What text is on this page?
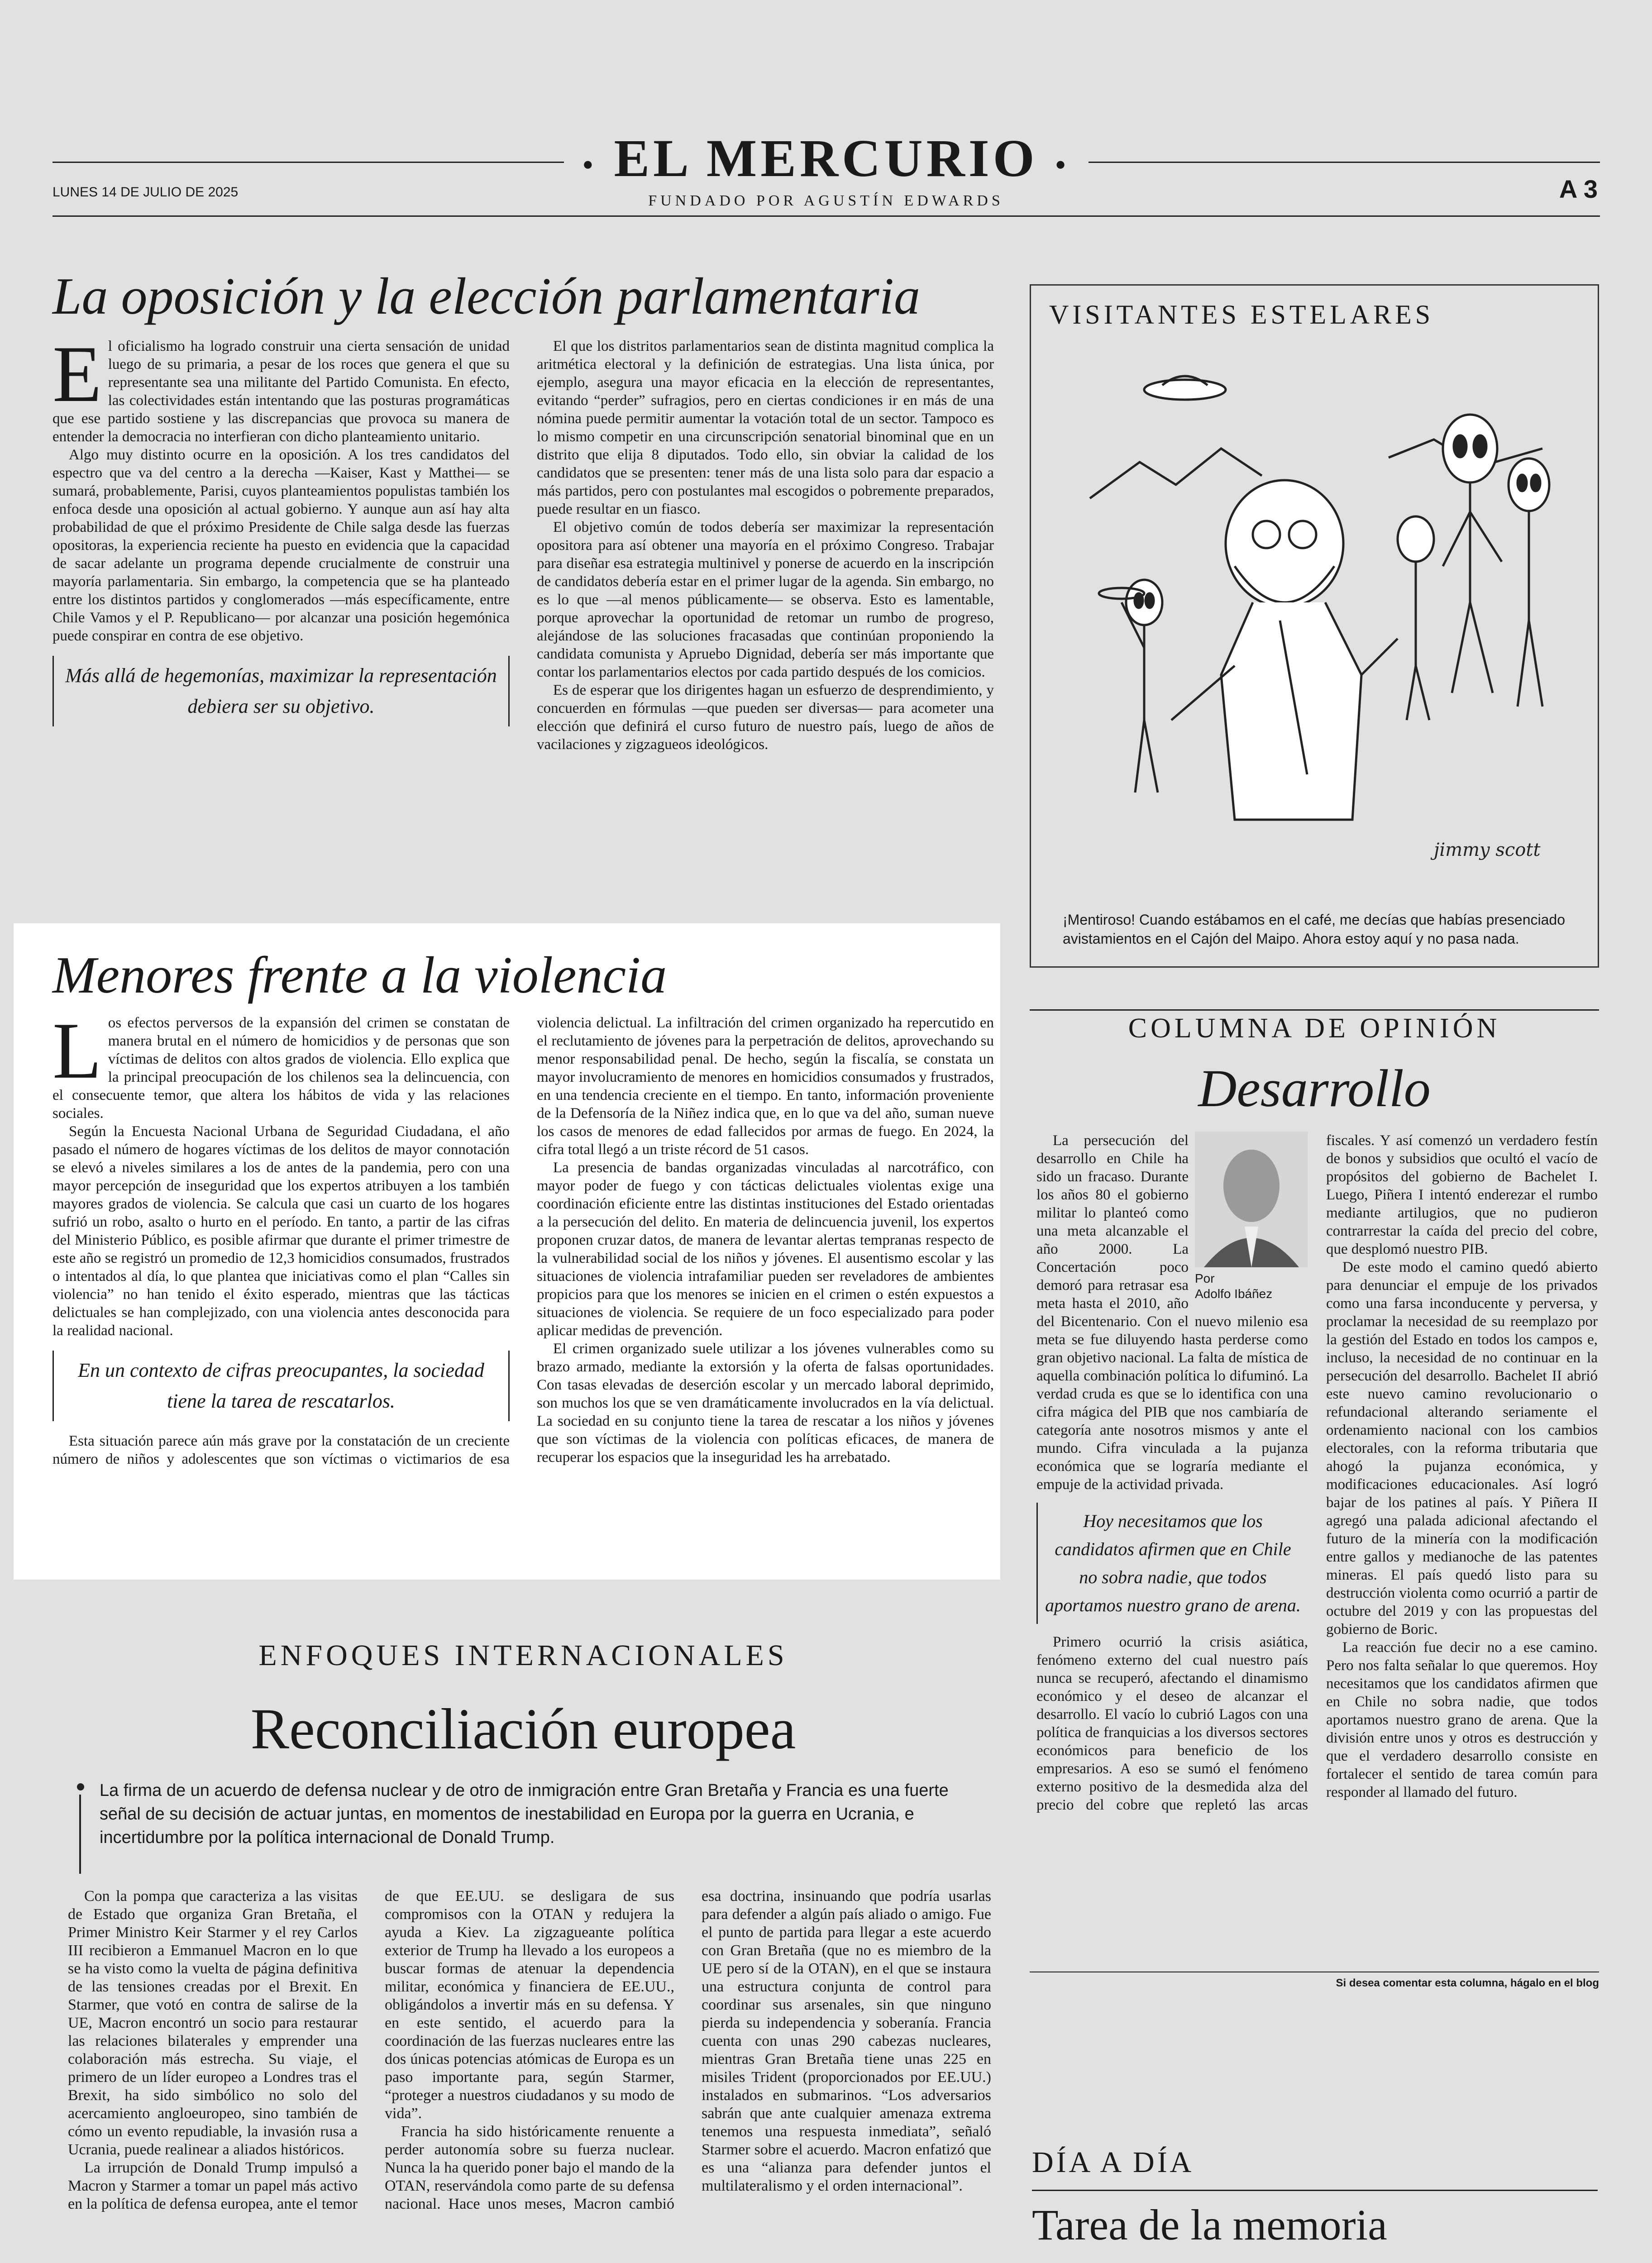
LUNES 14 DE JULIO DE 2025
● EL MERCURIO ●
FUNDADO POR AGUSTÍN EDWARDS	A 3
La oposición y la elección parlamentaria
E l oficialismo ha logrado construir una cierta sensación de unidad luego de su primaria, a pesar de los roces que genera el que su representante sea una militante del Partido Comunista. En efecto, las colectividades están intentando que las posturas programáticas que ese partido sostiene y las discrepancias que provoca su manera de entender la democracia no interfieran con dicho planteamiento unitario.

Algo muy distinto ocurre en la oposición. A los tres candidatos del espectro que va del centro a la derecha —Kaiser, Kast y Matthei— se sumará, probablemente, Parisi, cuyos planteamientos populistas también los enfoca desde una oposición al actual gobierno. Y aunque aun así hay alta probabilidad de que el próximo Presidente de Chile salga desde las fuerzas opositoras, la experiencia reciente ha puesto en evidencia que la capacidad de sacar adelante un programa depende crucialmente de construir una mayoría parlamentaria. Sin embargo, la competencia que se ha planteado entre los distintos partidos y conglomerados —más específicamente, entre Chile Vamos y el P. Republicano— por alcanzar una posición hegemónica puede conspirar en contra de ese objetivo.

Más allá de hegemonías, maximizar la representación debiera ser su objetivo.

El que los distritos parlamentarios sean de distinta magnitud complica la aritmética electoral y la definición de estrategias. Una lista única, por ejemplo, asegura una mayor eficacia en la elección de representantes, evitando “perder” sufragios, pero en ciertas condiciones ir en más de una nómina puede permitir aumentar la votación total de un sector. Tampoco es lo mismo competir en una circunscripción senatorial binominal que en un distrito que elija 8 diputados. Todo ello, sin obviar la calidad de los candidatos que se presenten: tener más de una lista solo para dar espacio a más partidos, pero con postulantes mal escogidos o pobremente preparados, puede resultar en un fiasco.

El objetivo común de todos debería ser maximizar la representación opositora para así obtener una mayoría en el próximo Congreso. Trabajar para diseñar esa estrategia multinivel y ponerse de acuerdo en la inscripción de candidatos debería estar en el primer lugar de la agenda. Sin embargo, no es lo que —al menos públicamente— se observa. Esto es lamentable, porque aprovechar la oportunidad de retomar un rumbo de progreso, alejándose de las soluciones fracasadas que continúan proponiendo la candidata comunista y Apruebo Dignidad, debería ser más importante que contar los parlamentarios electos por cada partido después de los comicios.

Es de esperar que los dirigentes hagan un esfuerzo de desprendimiento, y concuerden en fórmulas —que pueden ser diversas— para acometer una elección que definirá el curso futuro de nuestro país, luego de años de vacilaciones y zigzagueos ideológicos.

VISITANTES ESTELARES
jimmy scott
¡Mentiroso! Cuando estábamos en el café, me decías que habías presenciado avistamientos en el Cajón del Maipo. Ahora estoy aquí y no pasa nada.
Menores frente a la violencia
L os efectos perversos de la expansión del crimen se constatan de manera brutal en el número de homicidios y de personas que son víctimas de delitos con altos grados de violencia. Ello explica que la principal preocupación de los chilenos sea la delincuencia, con el consecuente temor, que altera los hábitos de vida y las relaciones sociales.

Según la Encuesta Nacional Urbana de Seguridad Ciudadana, el año pasado el número de hogares víctimas de los delitos de mayor connotación se elevó a niveles similares a los de antes de la pandemia, pero con una mayor percepción de inseguridad que los expertos atribuyen a los también mayores grados de violencia. Se calcula que casi un cuarto de los hogares sufrió un robo, asalto o hurto en el período. En tanto, a partir de las cifras del Ministerio Público, es posible afirmar que durante el primer trimestre de este año se registró un promedio de 12,3 homicidios consumados, frustrados o intentados al día, lo que plantea que iniciativas como el plan “Calles sin violencia” no han tenido el éxito esperado, mientras que las tácticas delictuales se han complejizado, con una violencia antes desconocida para la realidad nacional.

En un contexto de cifras preocupantes, la sociedad tiene la tarea de rescatarlos.

Esta situación parece aún más grave por la constatación de un creciente número de niños y adolescentes que son víctimas o victimarios de esa violencia delictual. La infiltración del crimen organizado ha repercutido en el reclutamiento de jóvenes para la perpetración de delitos, aprovechando su menor responsabilidad penal. De hecho, según la fiscalía, se constata un mayor involucramiento de menores en homicidios consumados y frustrados, en una tendencia creciente en el tiempo. En tanto, información proveniente de la Defensoría de la Niñez indica que, en lo que va del año, suman nueve los casos de menores de edad fallecidos por armas de fuego. En 2024, la cifra total llegó a un triste récord de 51 casos.

La presencia de bandas organizadas vinculadas al narcotráfico, con mayor poder de fuego y con tácticas delictuales violentas exige una coordinación eficiente entre las distintas instituciones del Estado orientadas a la persecución del delito. En materia de delincuencia juvenil, los expertos proponen cruzar datos, de manera de levantar alertas tempranas respecto de la vulnerabilidad social de los niños y jóvenes. El ausentismo escolar y las situaciones de violencia intrafamiliar pueden ser reveladores de ambientes propicios para que los menores se inicien en el crimen o estén expuestos a situaciones de violencia. Se requiere de un foco especializado para poder aplicar medidas de prevención.

El crimen organizado suele utilizar a los jóvenes vulnerables como su brazo armado, mediante la extorsión y la oferta de falsas oportunidades. Con tasas elevadas de deserción escolar y un mercado laboral deprimido, son muchos los que se ven dramáticamente involucrados en la vía delictual. La sociedad en su conjunto tiene la tarea de rescatar a los niños y jóvenes que son víctimas de la violencia con políticas eficaces, de manera de recuperar los espacios que la inseguridad les ha arrebatado.

COLUMNA DE OPINIÓN
Desarrollo
Por
Adolfo Ibáñez

La persecución del desarrollo en Chile ha sido un fracaso. Durante los años 80 el gobierno militar lo planteó como una meta alcanzable el año 2000. La Concertación poco demoró para retrasar esa meta hasta el 2010, año del Bicentenario. Con el nuevo milenio esa meta se fue diluyendo hasta perderse como gran objetivo nacional. La falta de mística de aquella combinación política lo difuminó. La verdad cruda es que se lo identifica con una cifra mágica del PIB que nos cambiaría de categoría ante nosotros mismos y ante el mundo. Cifra vinculada a la pujanza económica que se lograría mediante el empuje de la actividad privada.

Hoy necesitamos que los candidatos afirmen que en Chile no sobra nadie, que todos aportamos nuestro grano de arena.

Primero ocurrió la crisis asiática, fenómeno externo del cual nuestro país nunca se recuperó, afectando el dinamismo económico y el deseo de alcanzar el desarrollo. El vacío lo cubrió Lagos con una política de franquicias a los diversos sectores económicos para beneficio de los empresarios. A eso se sumó el fenómeno externo positivo de la desmedida alza del precio del cobre que repletó las arcas fiscales. Y así comenzó un verdadero festín de bonos y subsidios que ocultó el vacío de propósitos del gobierno de Bachelet I. Luego, Piñera I intentó enderezar el rumbo mediante artilugios, que no pudieron contrarrestar la caída del precio del cobre, que desplomó nuestro PIB.

De este modo el camino quedó abierto para denunciar el empuje de los privados como una farsa inconducente y perversa, y proclamar la necesidad de su reemplazo por la gestión del Estado en todos los campos e, incluso, la necesidad de no continuar en la persecución del desarrollo. Bachelet II abrió este nuevo camino revolucionario o refundacional alterando seriamente el ordenamiento nacional con los cambios electorales, con la reforma tributaria que ahogó la pujanza económica, y modificaciones educacionales. Así logró bajar de los patines al país. Y Piñera II agregó una palada adicional afectando el futuro de la minería con la modificación entre gallos y medianoche de las patentes mineras. El país quedó listo para su destrucción violenta como ocurrió a partir de octubre del 2019 y con las propuestas del gobierno de Boric.

La reacción fue decir no a ese camino. Pero nos falta señalar lo que queremos. Hoy necesitamos que los candidatos afirmen que en Chile no sobra nadie, que todos aportamos nuestro grano de arena. Que la división entre unos y otros es destrucción y que el verdadero desarrollo consiste en fortalecer el sentido de tarea común para responder al llamado del futuro.

Si desea comentar esta columna, hágalo en el blog
ENFOQUES INTERNACIONALES
Reconciliación europea
La firma de un acuerdo de defensa nuclear y de otro de inmigración entre Gran Bretaña y Francia es una fuerte señal de su decisión de actuar juntas, en momentos de inestabilidad en Europa por la guerra en Ucrania, e incertidumbre por la política internacional de Donald Trump.

Con la pompa que caracteriza a las visitas de Estado que organiza Gran Bretaña, el Primer Ministro Keir Starmer y el rey Carlos III recibieron a Emmanuel Macron en lo que se ha visto como la vuelta de página definitiva de las tensiones creadas por el Brexit. En Starmer, que votó en contra de salirse de la UE, Macron encontró un socio para restaurar las relaciones bilaterales y emprender una colaboración más estrecha. Su viaje, el primero de un líder europeo a Londres tras el Brexit, ha sido simbólico no solo del acercamiento angloeuropeo, sino también de cómo un evento repudiable, la invasión rusa a Ucrania, puede realinear a aliados históricos.

La irrupción de Donald Trump impulsó a Macron y Starmer a tomar un papel más activo en la política de defensa europea, ante el temor de que EE.UU. se desligara de sus compromisos con la OTAN y redujera la ayuda a Kiev. La zigzagueante política exterior de Trump ha llevado a los europeos a buscar formas de atenuar la dependencia militar, económica y financiera de EE.UU., obligándolos a invertir más en su defensa. Y en este sentido, el acuerdo para la coordinación de las fuerzas nucleares entre las dos únicas potencias atómicas de Europa es un paso importante para, según Starmer, “proteger a nuestros ciudadanos y su modo de vida”.

Francia ha sido históricamente renuente a perder autonomía sobre su fuerza nuclear. Nunca la ha querido poner bajo el mando de la OTAN, reservándola como parte de su defensa nacional. Hace unos meses, Macron cambió esa doctrina, insinuando que podría usarlas para defender a algún país aliado o amigo. Fue el punto de partida para llegar a este acuerdo con Gran Bretaña (que no es miembro de la UE pero sí de la OTAN), en el que se instaura una estructura conjunta de control para coordinar sus arsenales, sin que ninguno pierda su independencia y soberanía. Francia cuenta con unas 290 cabezas nucleares, mientras Gran Bretaña tiene unas 225 en misiles Trident (proporcionados por EE.UU.) instalados en submarinos. “Los adversarios sabrán que ante cualquier amenaza extrema tenemos una respuesta inmediata”, señaló Starmer sobre el acuerdo. Macron enfatizó que es una “alianza para defender juntos el multilateralismo y el orden internacional”.

DÍA A DÍA
Tarea de la memoria
